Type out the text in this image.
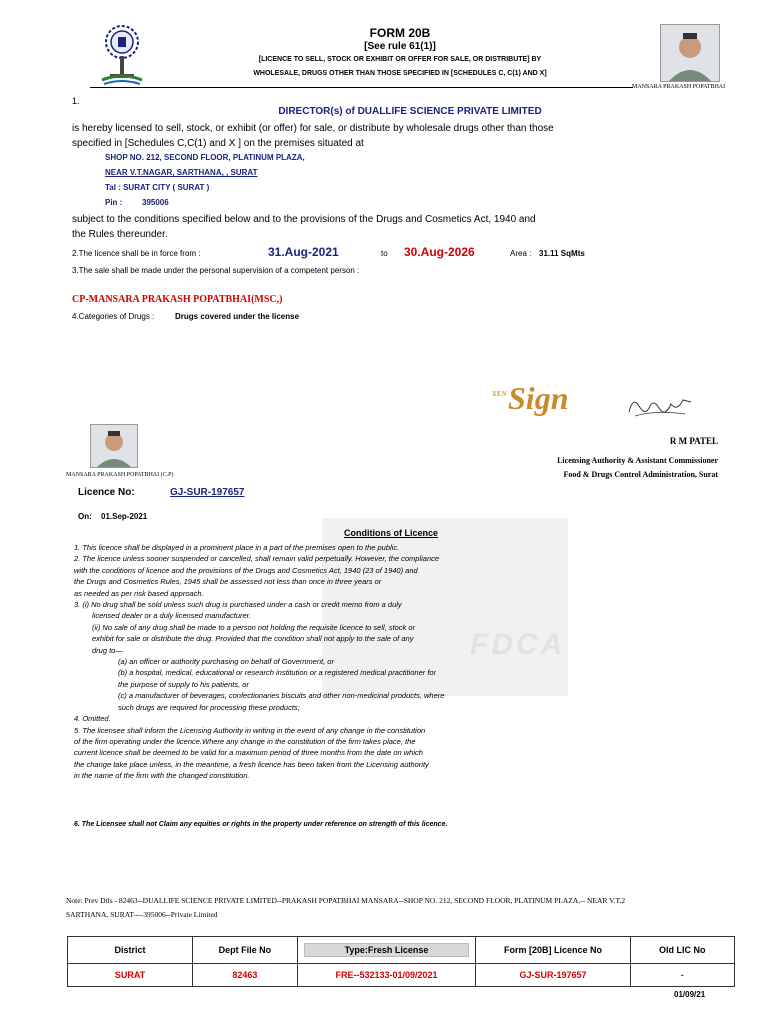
FORM 20B
[See rule 61(1)]
[LICENCE TO SELL, STOCK OR EXHIBIT OR OFFER FOR SALE, OR DISTRIBUTE] BY
WHOLESALE, DRUGS OTHER THAN THOSE SPECIFIED IN [SCHEDULES C, C(1) AND X]
MANSARA PRAKASH POPATBHAI
1.
DIRECTOR(s) of DUALLIFE SCIENCE PRIVATE LIMITED
is hereby licensed to sell, stock, or exhibit (or offer) for sale, or distribute by wholesale drugs other than those
specified in [Schedules C,C(1) and X ] on the premises situated at
SHOP NO. 212, SECOND FLOOR, PLATINUM PLAZA,
NEAR V.T.NAGAR, SARTHANA, , SURAT
Tal : SURAT CITY ( SURAT )
Pin : 395006
subject to the conditions specified below and to the provisions of the Drugs and Cosmetics Act, 1940 and
the Rules thereunder.
2.The licence shall be in force from :	31.Aug-2021	to 30.Aug-2026	Area : 31.11 SqMts
3.The sale shall be made under the personal supervision of a competent person :
CP-MANSARA PRAKASH POPATBHAI(MSC,)
4.Categories of Drugs :	Drugs covered under the license
XEN Sign
MANSARA PRAKASH POPATBHAI (C.P)
R M PATEL
Licensing Authority & Assistant Commissioner
Food & Drugs Control Administration, Surat
Licence No:	GJ-SUR-197657
On: 01.Sep-2021
FDCA
Conditions of Licence

1. This licence shall be displayed in a prominent place in a part of the premises open to the public.

2. The licence unless sooner suspended or cancelled, shall remain valid perpetually. However, the compliance

with the conditions of licence and the provisions of the Drugs and Cosmetics Act, 1940 (23 of 1940) and

the Drugs and Cosmetics Rules, 1945 shall be assessed not less than once in three years or

as needed as per risk based approach.

3. (i) No drug shall be sold unless such drug is purchased under a cash or credit memo from a duly

licensed dealer or a duly licensed manufacturer.

(ii) No sale of any drug shall be made to a person not holding the requisite licence to sell, stock or

exhibit for sale or distribute the drug. Provided that the condition shall not apply to the sale of any

drug to—

(a) an officer or authority purchasing on behalf of Government, or

(b) a hospital, medical, educational or research institution or a registered medical practitioner for

the purpose of supply to his patients, or

(c) a manufacturer of beverages, confectionaries biscuits and other non-medicinal products, where

such drugs are required for processing these products;

4. Omitted.

5. The licensee shall inform the Licensing Authority in writing in the event of any change in the constitution

of the firm operating under the licence.Where any change in the constitution of the firm takes place, the

current licence shall be deemed to be valid for a maximum period of three months from the date on which

the change take place unless, in the meantime, a fresh licence has been taken from the Licensing authority

in the name of the firm with the changed constitution.

6. The Licensee shall not Claim any equities or rights in the property under reference on strength of this licence.
Note: Prev Dtls - 82463--DUALLIFE SCIENCE PRIVATE LIMITED--PRAKASH POPATBHAI MANSARA--SHOP NO. 212, SECOND FLOOR, PLATINUM PLAZA,-- NEAR V.T.2
SARTHANA, SURAT----395006--Private Limited
District	Dept File No	Type:Fresh License	Form [20B] Licence No	Old LIC No
SURAT	82463	FRE--532133-01/09/2021	GJ-SUR-197657	-
01/09/21
